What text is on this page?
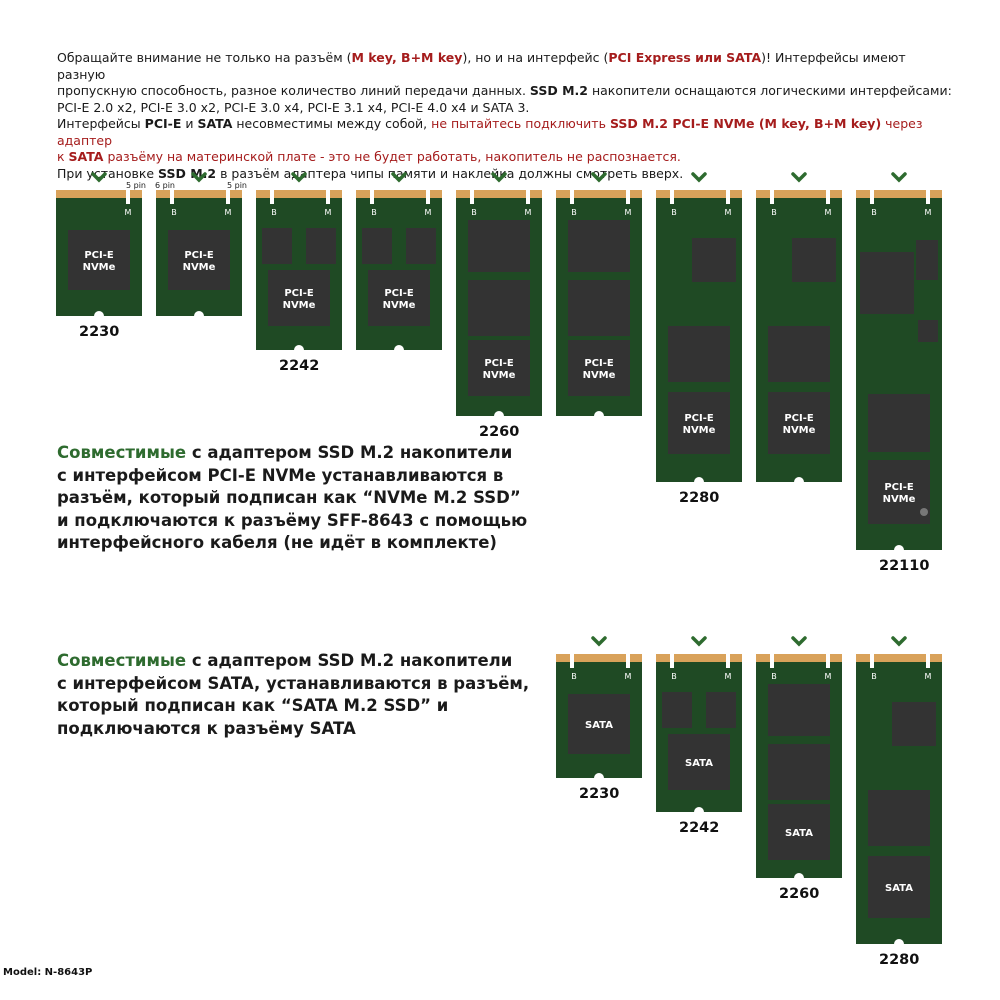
Обращайте внимание не только на разъём (M key, B+M key), но и на интерфейс (PCI Express или SATA)! Интерфейсы имеют разную

пропускную способность, разное количество линий передачи данных. SSD M.2 накопители оснащаются логическими интерфейсами:

PCI-E 2.0 x2, PCI-E 3.0 x2, PCI-E 3.0 x4, PCI-E 3.1 x4, PCI-E 4.0 x4 и SATA 3.

Интерфейсы PCI-E и SATA несовместимы между собой, не пытайтесь подключить SSD M.2 PCI-E NVMe (M key, B+M key) через адаптер

к SATA разъёму на материнской плате - это не будет работать, накопитель не распознается.

При установке SSD M.2 в разъём адаптера чипы памяти и наклейка должны смотреть вверх.

5 pin 6 pin	5 pin
M
PCI-E
NVMe
2230
B	M
PCI-E
NVMe
B	M
PCI-E
NVMe
2242
B	M
PCI-E
NVMe
B	M
PCI-E
NVMe
2260
B	M
PCI-E
NVMe
B	M
PCI-E
NVMe
2280
B	M
PCI-E
NVMe
B	M
PCI-E
NVMe
22110
B	M
SATA
2230
B	M
SATA
2242
B	M
SATA
2260
B	M
SATA
2280
Совместимые с адаптером SSD M.2 накопители
с интерфейсом PCI-E NVMe устанавливаются в
разъём, который подписан как “NVMe M.2 SSD”
и подключаются к разъёму SFF-8643 с помощью
интерфейсного кабеля (не идёт в комплекте)
Совместимые с адаптером SSD M.2 накопители
с интерфейсом SATA, устанавливаются в разъём,
который подписан как “SATA M.2 SSD” и
подключаются к разъёму SATA
Model: N-8643P
